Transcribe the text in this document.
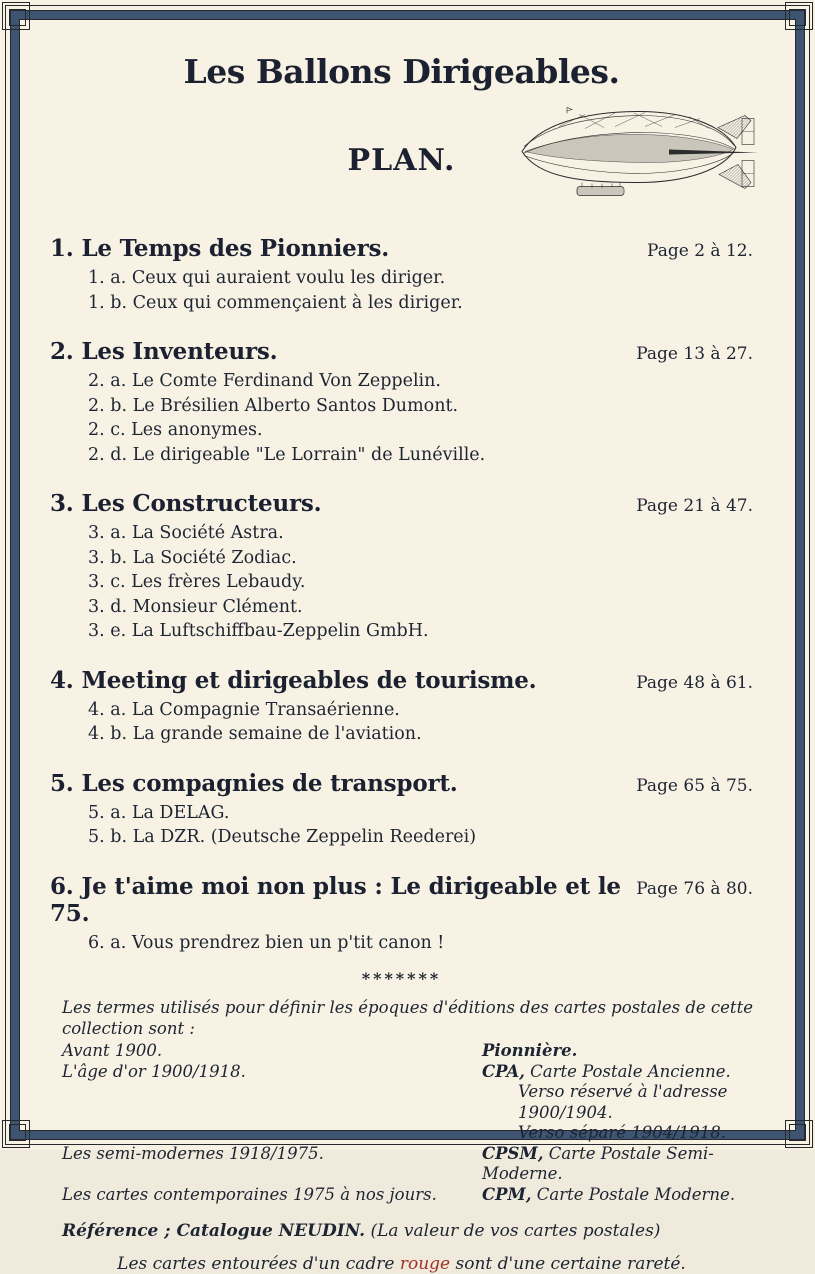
Les Ballons Dirigeables.
PLAN.
1. Le Temps des Pionniers.	Page 2 à 12.
1. a. Ceux qui auraient voulu les diriger.
1. b. Ceux qui commençaient à les diriger.
2. Les Inventeurs.	Page 13 à 27.
2. a. Le Comte Ferdinand Von Zeppelin.
2. b. Le Brésilien Alberto Santos Dumont.
2. c. Les anonymes.
2. d. Le dirigeable "Le Lorrain" de Lunéville.
3. Les Constructeurs.	Page 21 à 47.
3. a. La Société Astra.
3. b. La Société Zodiac.
3. c. Les frères Lebaudy.
3. d. Monsieur Clément.
3. e. La Luftschiffbau-Zeppelin GmbH.
4. Meeting et dirigeables de tourisme.	Page 48 à 61.
4. a. La Compagnie Transaérienne.
4. b. La grande semaine de l'aviation.
5. Les compagnies de transport.	Page 65 à 75.
5. a. La DELAG.
5. b. La DZR. (Deutsche Zeppelin Reederei)
6. Je t'aime moi non plus : Le dirigeable et le 75.
Page 76 à 80.
6. a. Vous prendrez bien un p'tit canon !
*******
Les termes utilisés pour définir les époques d'éditions des cartes postales de cette collection sont :
Avant 1900.	Pionnière.
L'âge d'or 1900/1918.	CPA, Carte Postale Ancienne.
Verso réservé à l'adresse 1900/1904.
Verso séparé 1904/1918.
Les semi-modernes 1918/1975.	CPSM, Carte Postale Semi-Moderne.
Les cartes contemporaines 1975 à nos jours.	CPM, Carte Postale Moderne.
Référence ; Catalogue NEUDIN. (La valeur de vos cartes postales)
Les cartes entourées d'un cadre rouge sont d'une certaine rareté.
